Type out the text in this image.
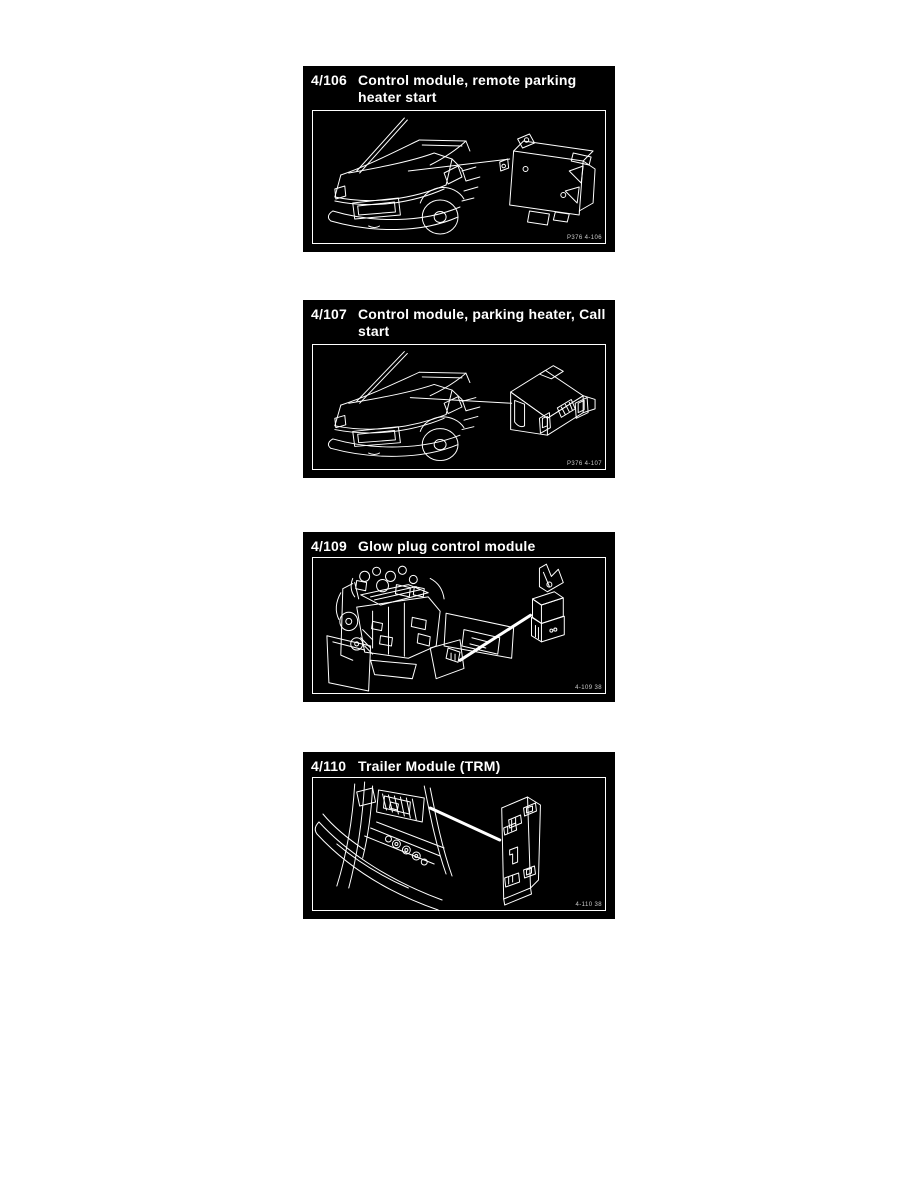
4/106 Control module, remote parking
heater start
P376 4-106
4/107 Control module, parking heater, Call
start
P376 4-107
4/109 Glow plug control module
4-109 38
4/110 Trailer Module (TRM)
4-110 38
